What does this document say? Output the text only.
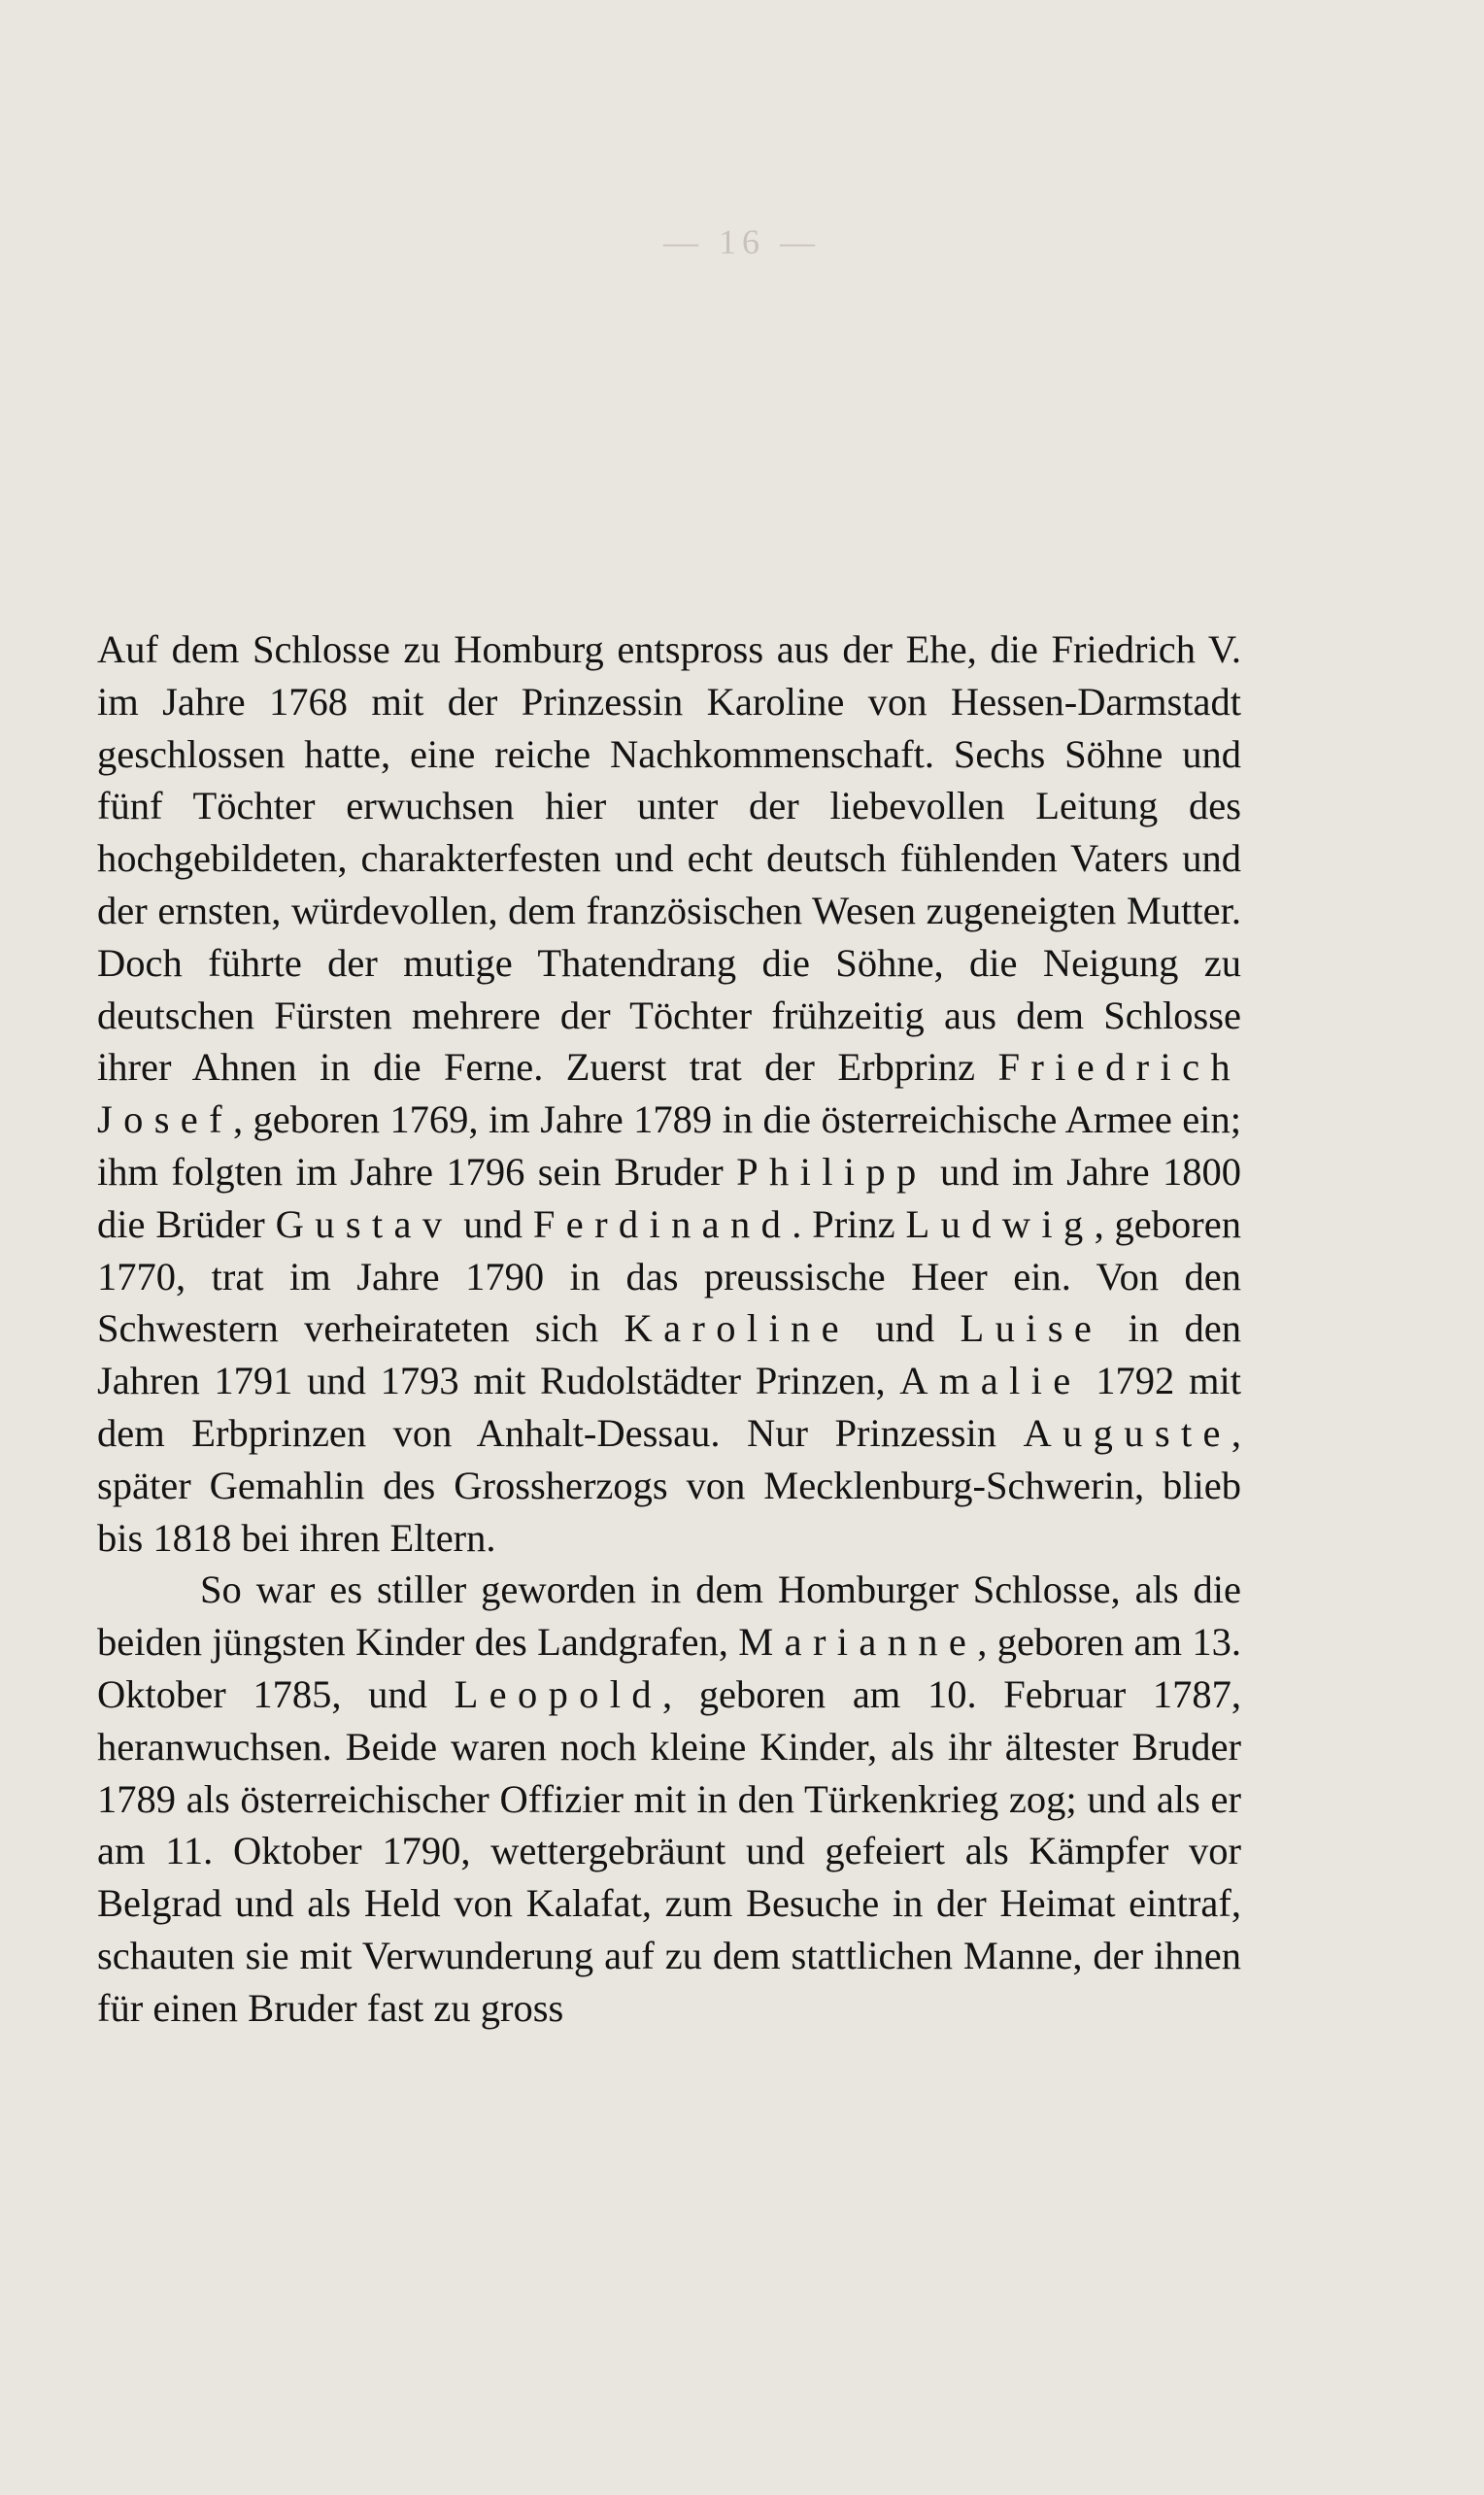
— 16 —

Auf dem Schlosse zu Homburg entspross aus der Ehe, die Friedrich V. im Jahre 1768 mit der Prinzessin Karoline von Hessen-Darmstadt geschlossen hatte, eine reiche Nachkommenschaft. Sechs Söhne und fünf Töchter erwuchsen hier unter der liebevollen Leitung des hochgebildeten, charakterfesten und echt deutsch fühlenden Vaters und der ernsten, würdevollen, dem französischen Wesen zugeneigten Mutter. Doch führte der mutige Thatendrang die Söhne, die Neigung zu deutschen Fürsten mehrere der Töchter frühzeitig aus dem Schlosse ihrer Ahnen in die Ferne. Zuerst trat der Erbprinz Friedrich Josef, geboren 1769, im Jahre 1789 in die österreichische Armee ein; ihm folgten im Jahre 1796 sein Bruder Philipp und im Jahre 1800 die Brüder Gustav und Ferdinand. Prinz Ludwig, geboren 1770, trat im Jahre 1790 in das preussische Heer ein. Von den Schwestern verheirateten sich Karoline und Luise in den Jahren 1791 und 1793 mit Rudolstädter Prinzen, Amalie 1792 mit dem Erbprinzen von Anhalt-Dessau. Nur Prinzessin Auguste, später Gemahlin des Grossherzogs von Mecklenburg-Schwerin, blieb bis 1818 bei ihren Eltern.

So war es stiller geworden in dem Homburger Schlosse, als die beiden jüngsten Kinder des Landgrafen, Marianne, geboren am 13. Oktober 1785, und Leopold, geboren am 10. Februar 1787, heranwuchsen. Beide waren noch kleine Kinder, als ihr ältester Bruder 1789 als österreichischer Offizier mit in den Türkenkrieg zog; und als er am 11. Oktober 1790, wettergebräunt und gefeiert als Kämpfer vor Belgrad und als Held von Kalafat, zum Besuche in der Heimat eintraf, schauten sie mit Verwunderung auf zu dem stattlichen Manne, der ihnen für einen Bruder fast zu gross
